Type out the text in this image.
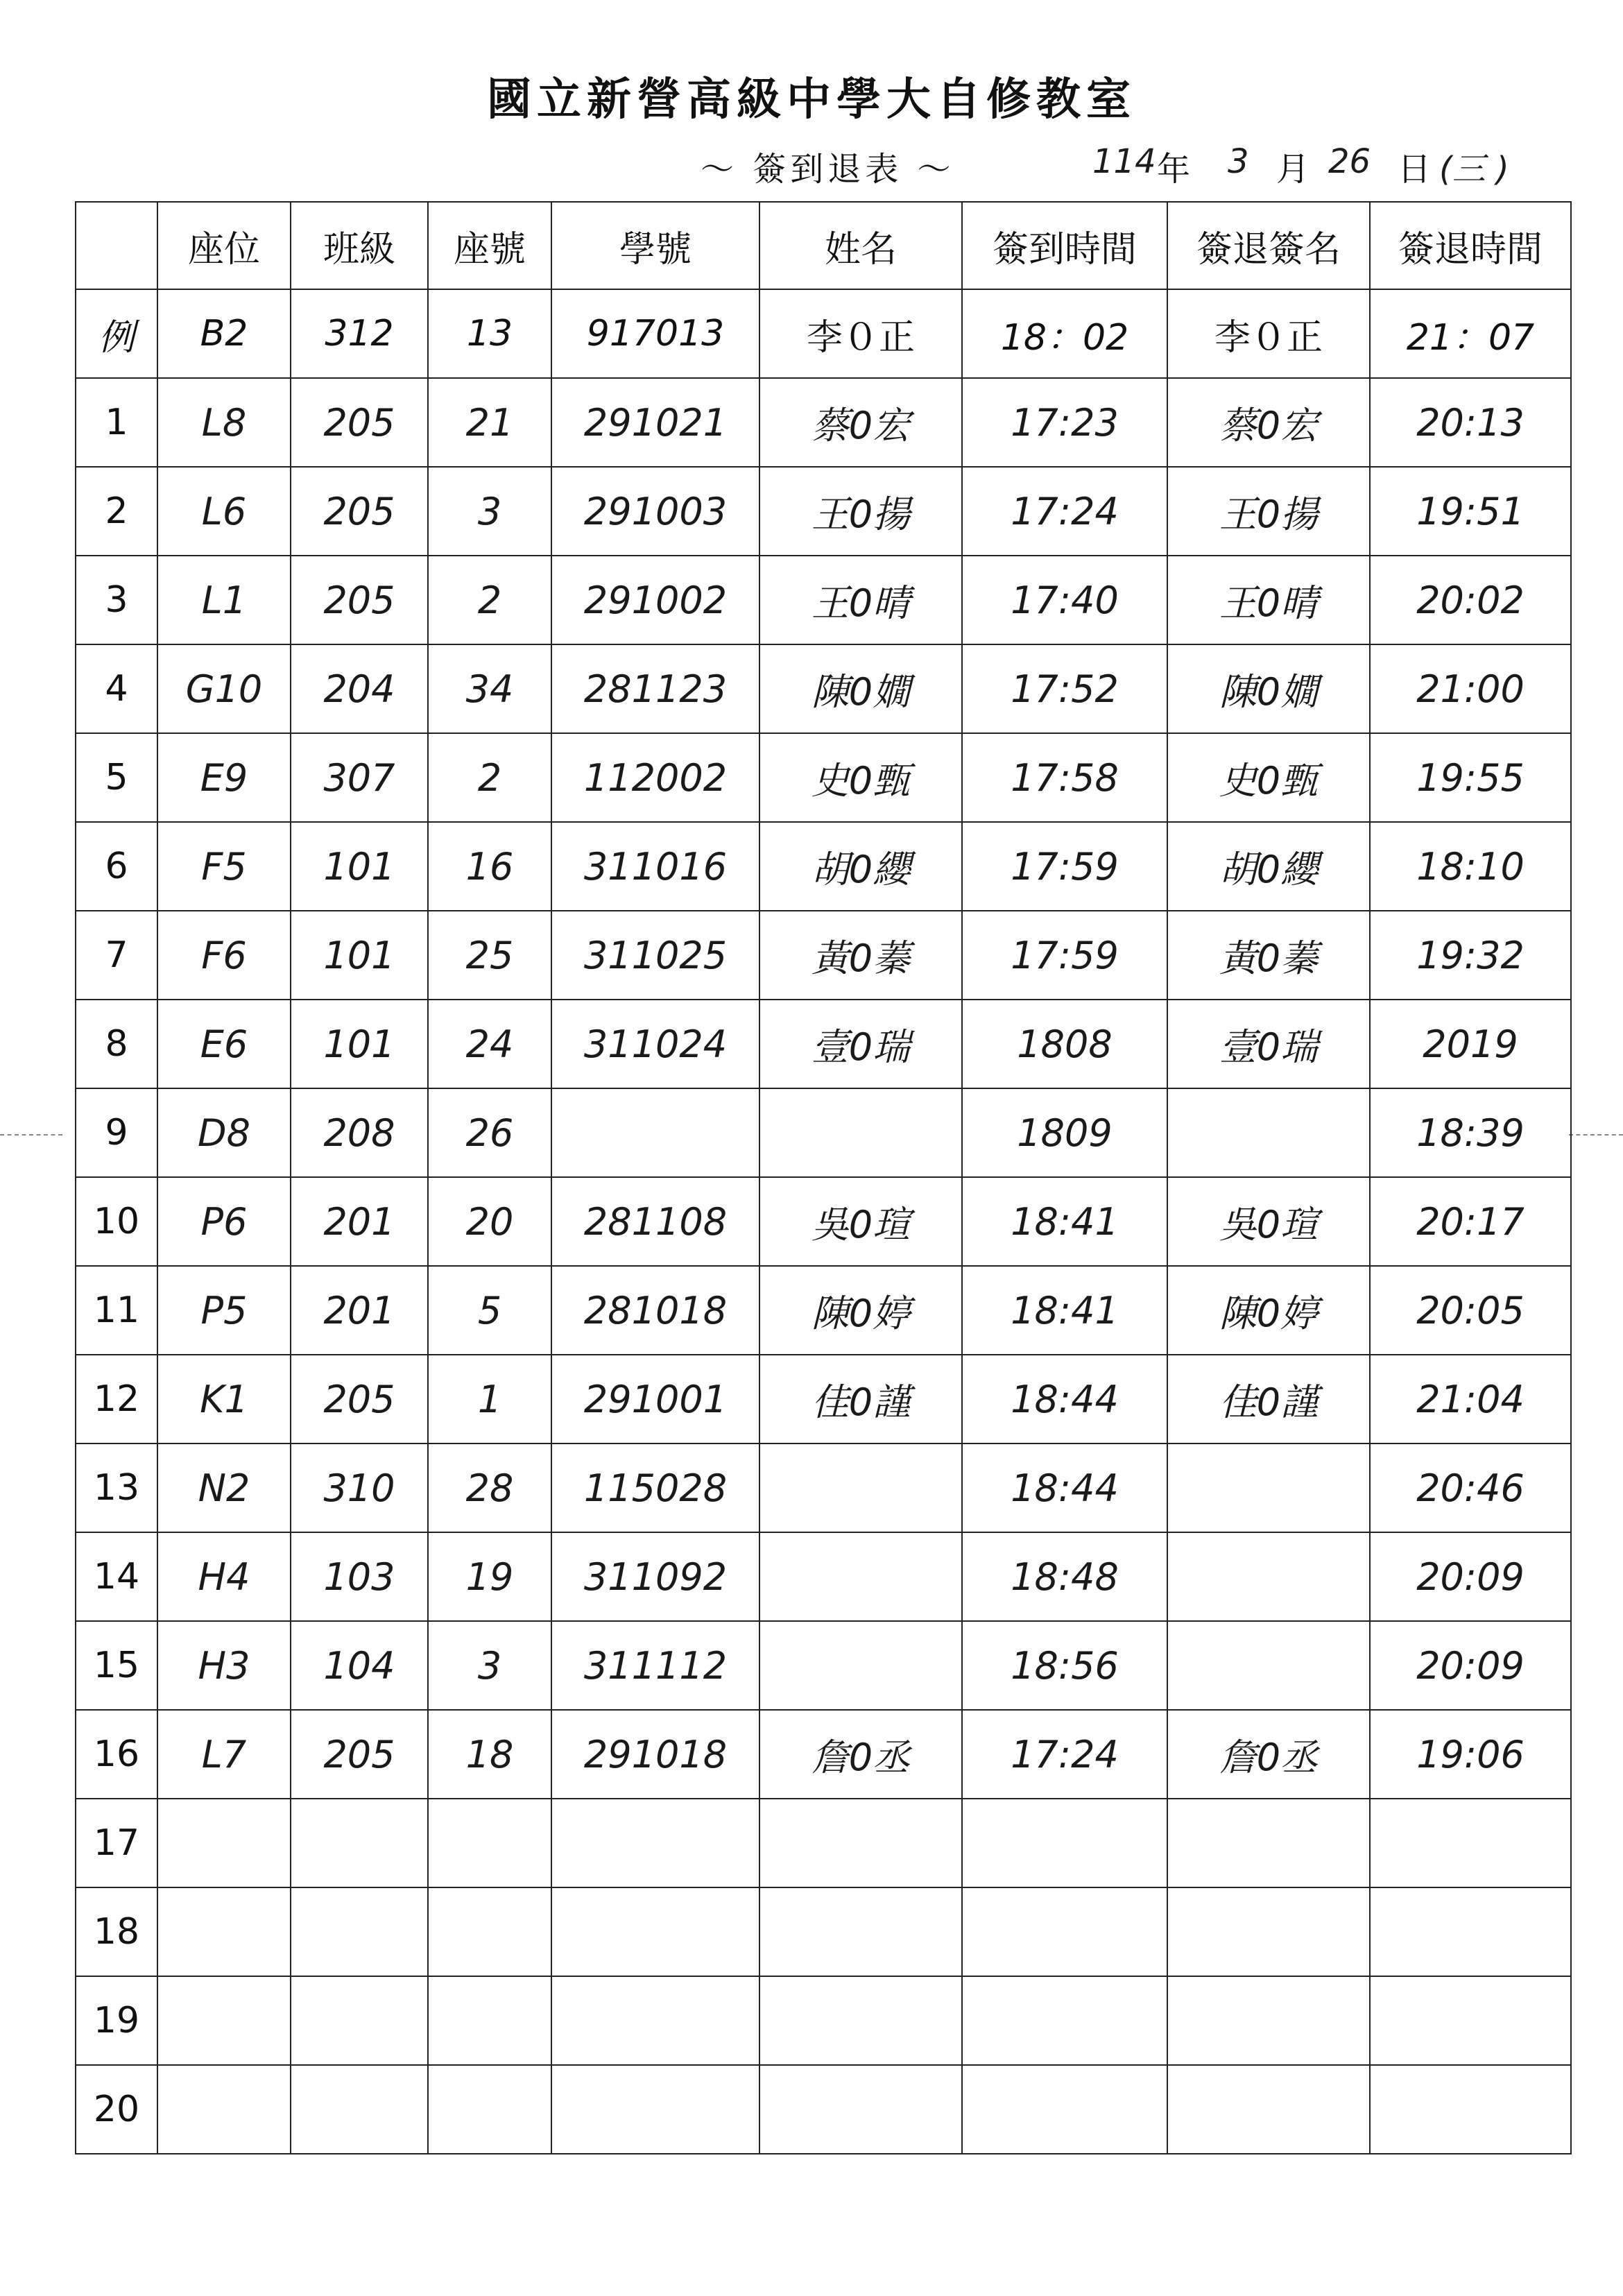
國立新營高級中學大自修教室
～ 簽到退表 ～	114 年 3 月 26 日 (三 )
	座位	班級	座號	學號	姓名	簽到時間	簽退簽名	簽退時間
例	B2	312	13	917013	李０正	18：02	李０正	21：07
1	L8	205	21	291021	蔡0宏	17:23	蔡0宏	20:13
2	L6	205	3	291003	王0揚	17:24	王0揚	19:51
3	L1	205	2	291002	王0晴	17:40	王0晴	20:02
4	G10	204	34	281123	陳0嫺	17:52	陳0嫺	21:00
5	E9	307	2	112002	史0甄	17:58	史0甄	19:55
6	F5	101	16	311016	胡0纓	17:59	胡0纓	18:10
7	F6	101	25	311025	黃0蓁	17:59	黃0蓁	19:32
8	E6	101	24	311024	壹0瑞	1808	壹0瑞	2019
9	D8	208	26			1809		18:39
10	P6	201	20	281108	吳0瑄	18:41	吳0瑄	20:17
11	P5	201	5	281018	陳0婷	18:41	陳0婷	20:05
12	K1	205	1	291001	佳0謹	18:44	佳0謹	21:04
13	N2	310	28	115028		18:44		20:46
14	H4	103	19	311092		18:48		20:09
15	H3	104	3	311112		18:56		20:09
16	L7	205	18	291018	詹0丞	17:24	詹0丞	19:06
17								
18								
19								
20								
